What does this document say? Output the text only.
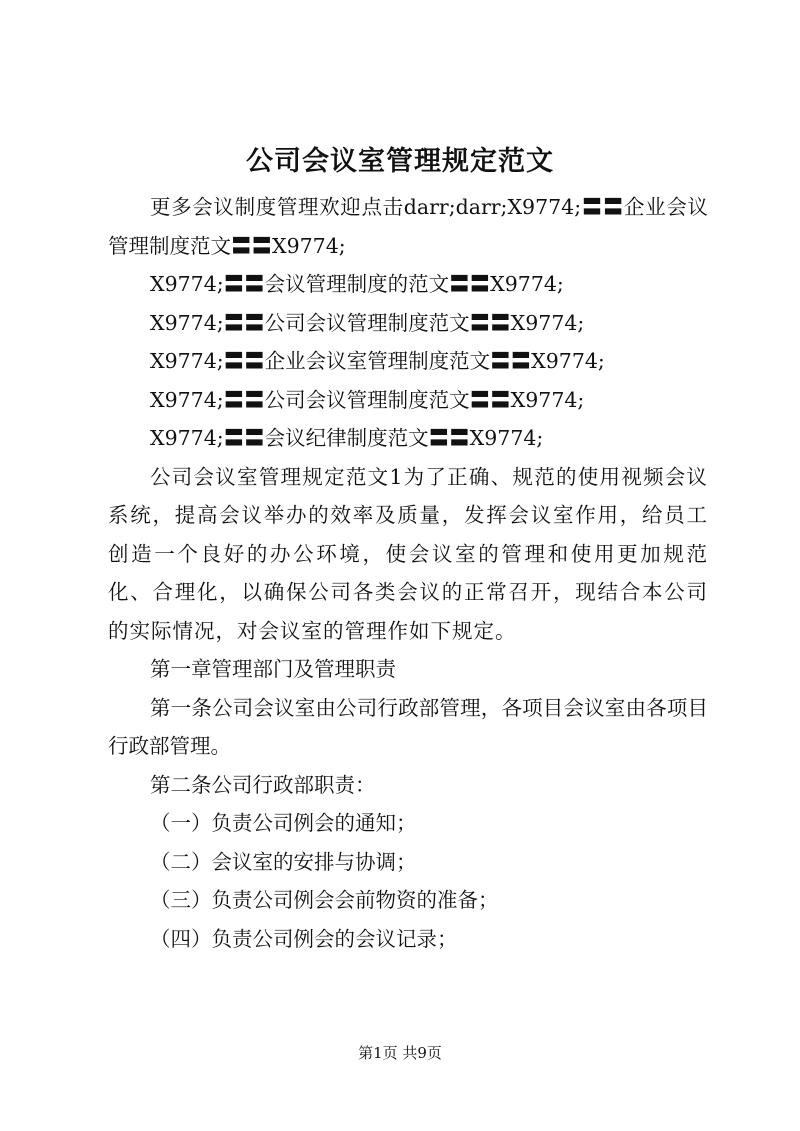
公司会议室管理规定范文

更多会议制度管理欢迎点击darr;darr;X9774;〓〓企业会议管理制度范文〓〓X9774;

X9774;〓〓会议管理制度的范文〓〓X9774;

X9774;〓〓公司会议管理制度范文〓〓X9774;

X9774;〓〓企业会议室管理制度范文〓〓X9774;

X9774;〓〓公司会议管理制度范文〓〓X9774;

X9774;〓〓会议纪律制度范文〓〓X9774;

公司会议室管理规定范文1为了正确、规范的使用视频会议系统，提高会议举办的效率及质量，发挥会议室作用，给员工创造一个良好的办公环境，使会议室的管理和使用更加规范化、合理化，以确保公司各类会议的正常召开，现结合本公司的实际情况，对会议室的管理作如下规定。

第一章管理部门及管理职责

第一条公司会议室由公司行政部管理，各项目会议室由各项目行政部管理。

第二条公司行政部职责：

（一）负责公司例会的通知；

（二）会议室的安排与协调；

（三）负责公司例会会前物资的准备；

（四）负责公司例会的会议记录；

第1页 共9页
